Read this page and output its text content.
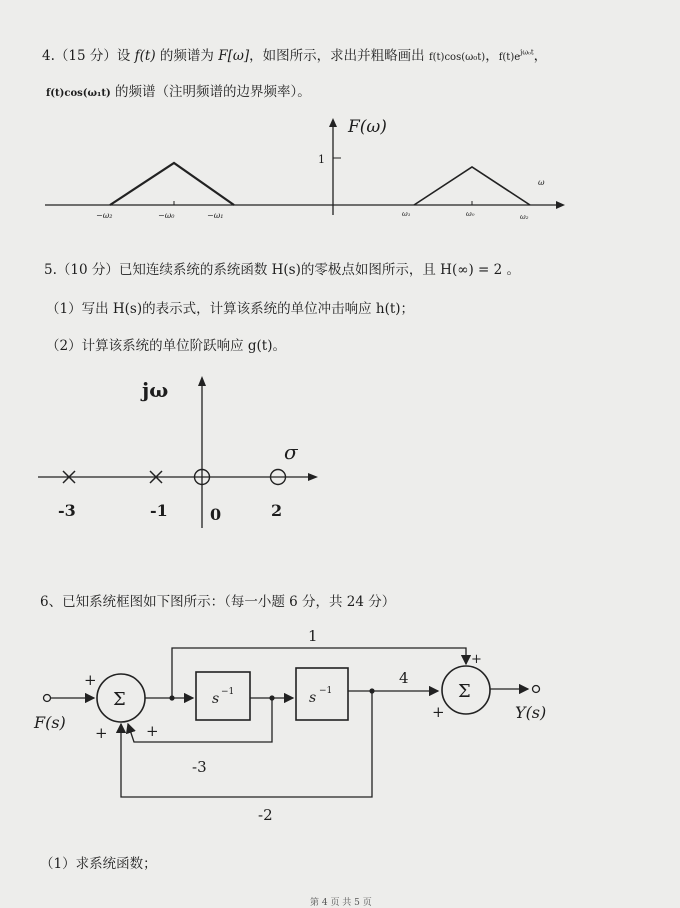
4.（15 分）设 f(t) 的频谱为 F[ω]，如图所示，求出并粗略画出 f(t)cos(ω₀t)，$f(t)e^{j\omega_0t}$，
f(t)cos(ω₁t) 的频谱（注明频谱的边界频率）。
5.（10 分）已知连续系统的系统函数 H(s)的零极点如图所示，且 H(∞) = 2 。
（1）写出 H(s)的表示式，计算该系统的单位冲击响应 h(t)；
（2）计算该系统的单位阶跃响应 g(t)。
6、已知系统框图如下图所示：（每一小题 6 分，共 24 分）
（1）求系统函数；
第 4 页 共 5 页
1
F(ω)
−ω₂	−ω₀	−ω₁	ω₁	ω₀	ω₂
ω
jω
σ
-3	-1	0	2
F(s)
+
Σ	s −1	s −1
4
+
1
+
Σ
Y(s)
-3
+
-2
+
